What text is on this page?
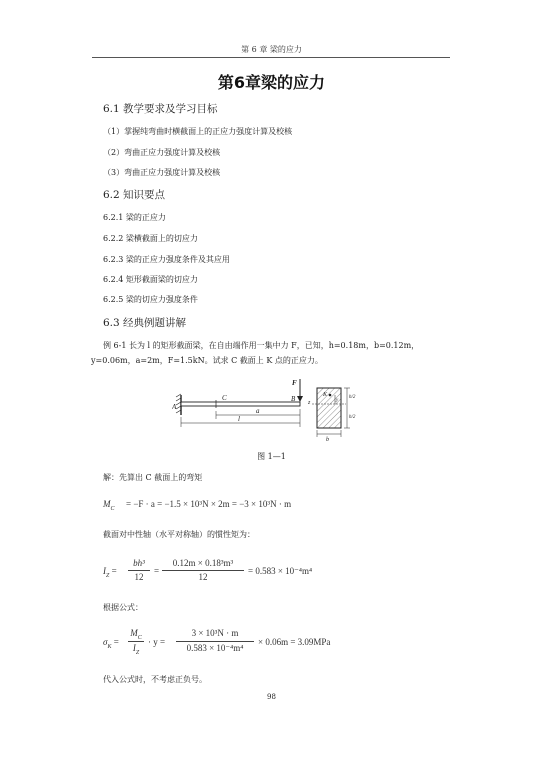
第 6 章 梁的应力
第6章梁的应力
6.1 教学要求及学习目标
（1）掌握纯弯曲时横截面上的正应力强度计算及校核
（2）弯曲正应力强度计算及校核
（3）弯曲正应力强度计算及校核
6.2 知识要点
6.2.1 梁的正应力
6.2.2 梁横截面上的切应力
6.2.3 梁的正应力强度条件及其应用
6.2.4 矩形截面梁的切应力
6.2.5 梁的切应力强度条件
6.3 经典例题讲解
例 6-1 长为 l 的矩形截面梁，在自由端作用一集中力 F，已知，h=0.18m，b=0.12m，
y=0.06m，a=2m，F=1.5kN。试求 C 截面上 K 点的正应力。
A
C
F
B
a
l
z
K
y
h/2
h/2
b
图 1—1
解：先算出 C 截面上的弯矩
$M_C = -F \cdot a = -1.5 \times 10^3N \times 2m = -3 \times 10^3N \cdot m$
截面对中性轴（水平对称轴）的惯性矩为：
$I_Z$ =
bh³
12
=
0.12m × 0.18³m³
12
= 0.583 × 10⁻⁴m⁴
根据公式：
$\sigma_K$ =
$M_C$
$I_Z$
· y =
3 × 10³N · m
0.583 × 10⁻⁴m⁴
× 0.06m = 3.09MPa
代入公式时，不考虑正负号。
98
